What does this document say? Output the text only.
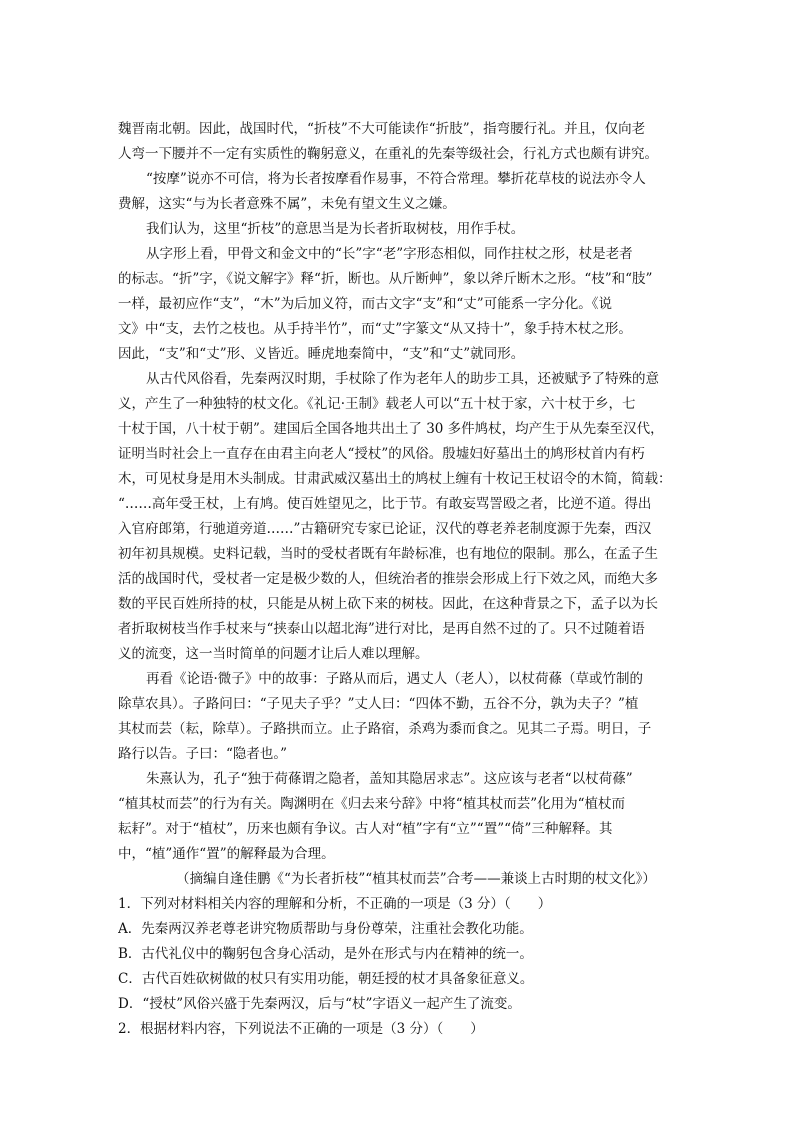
魏晋南北朝。因此，战国时代，“折枝”不大可能读作“折肢”，指弯腰行礼。并且，仅向老
人弯一下腰并不一定有实质性的鞠躬意义，在重礼的先秦等级社会，行礼方式也颇有讲究。
“按摩”说亦不可信，将为长者按摩看作易事，不符合常理。攀折花草枝的说法亦令人
费解，这实“与为长者意殊不属”，未免有望文生义之嫌。
我们认为，这里“折枝”的意思当是为长者折取树枝，用作手杖。
从字形上看，甲骨文和金文中的“长”字“老”字形态相似，同作拄杖之形，杖是老者
的标志。“折”字，《说文解字》释“折，断也。从斤断艸”，象以斧斤断木之形。“枝”和“肢”
一样，最初应作“支”，“木”为后加义符，而古文字“支”和“丈”可能系一字分化。《说
文》中“支，去竹之枝也。从手持半竹”，而“丈”字篆文“从又持十”，象手持木杖之形。
因此，“支”和“丈”形、义皆近。睡虎地秦简中，“支”和“丈”就同形。
从古代风俗看，先秦两汉时期，手杖除了作为老年人的助步工具，还被赋予了特殊的意
义，产生了一种独特的杖文化。《礼记·王制》载老人可以“五十杖于家，六十杖于乡，七
十杖于国，八十杖于朝”。建国后全国各地共出土了 30 多件鸠杖，均产生于从先秦至汉代，
证明当时社会上一直存在由君主向老人“授杖”的风俗。殷墟妇好墓出土的鸠形杖首内有朽
木，可见杖身是用木头制成。甘肃武威汉墓出土的鸠杖上缠有十枚记王杖诏令的木简，简载：
“……高年受王杖，上有鸠。使百姓望见之，比于节。有敢妄骂詈殴之者，比逆不道。得出
入官府郎第，行驰道旁道……”古籍研究专家已论证，汉代的尊老养老制度源于先秦，西汉
初年初具规模。史料记载，当时的受杖者既有年龄标准，也有地位的限制。那么，在孟子生
活的战国时代，受杖者一定是极少数的人，但统治者的推崇会形成上行下效之风，而绝大多
数的平民百姓所持的杖，只能是从树上砍下来的树枝。因此，在这种背景之下，孟子以为长
者折取树枝当作手杖来与“挟泰山以超北海”进行对比，是再自然不过的了。只不过随着语
义的流变，这一当时简单的问题才让后人难以理解。
再看《论语·微子》中的故事：子路从而后，遇丈人（老人），以杖荷蓧（草或竹制的
除草农具）。子路问曰：“子见夫子乎？”丈人曰：“四体不勤，五谷不分，孰为夫子？”植
其杖而芸（耘，除草）。子路拱而立。止子路宿，杀鸡为黍而食之。见其二子焉。明日，子
路行以告。子曰：“隐者也。”
朱熹认为，孔子“独于荷蓧谓之隐者，盖知其隐居求志”。这应该与老者“以杖荷蓧”
“植其杖而芸”的行为有关。陶渊明在《归去来兮辞》中将“植其杖而芸”化用为“植杖而
耘耔”。对于“植杖”，历来也颇有争议。古人对“植”字有“立”“置”“倚”三种解释。其
中，“植”通作“置”的解释最为合理。
（摘编自逢佳鹏《“为长者折枝”“植其杖而芸”合考——兼谈上古时期的杖文化》）
1．下列对材料相关内容的理解和分析，不正确的一项是（3 分）（　　）
A．先秦两汉养老尊老讲究物质帮助与身份尊荣，注重社会教化功能。
B．古代礼仪中的鞠躬包含身心活动，是外在形式与内在精神的统一。
C．古代百姓砍树做的杖只有实用功能，朝廷授的杖才具备象征意义。
D．“授杖”风俗兴盛于先秦两汉，后与“杖”字语义一起产生了流变。
2．根据材料内容，下列说法不正确的一项是（3 分）（　　）
